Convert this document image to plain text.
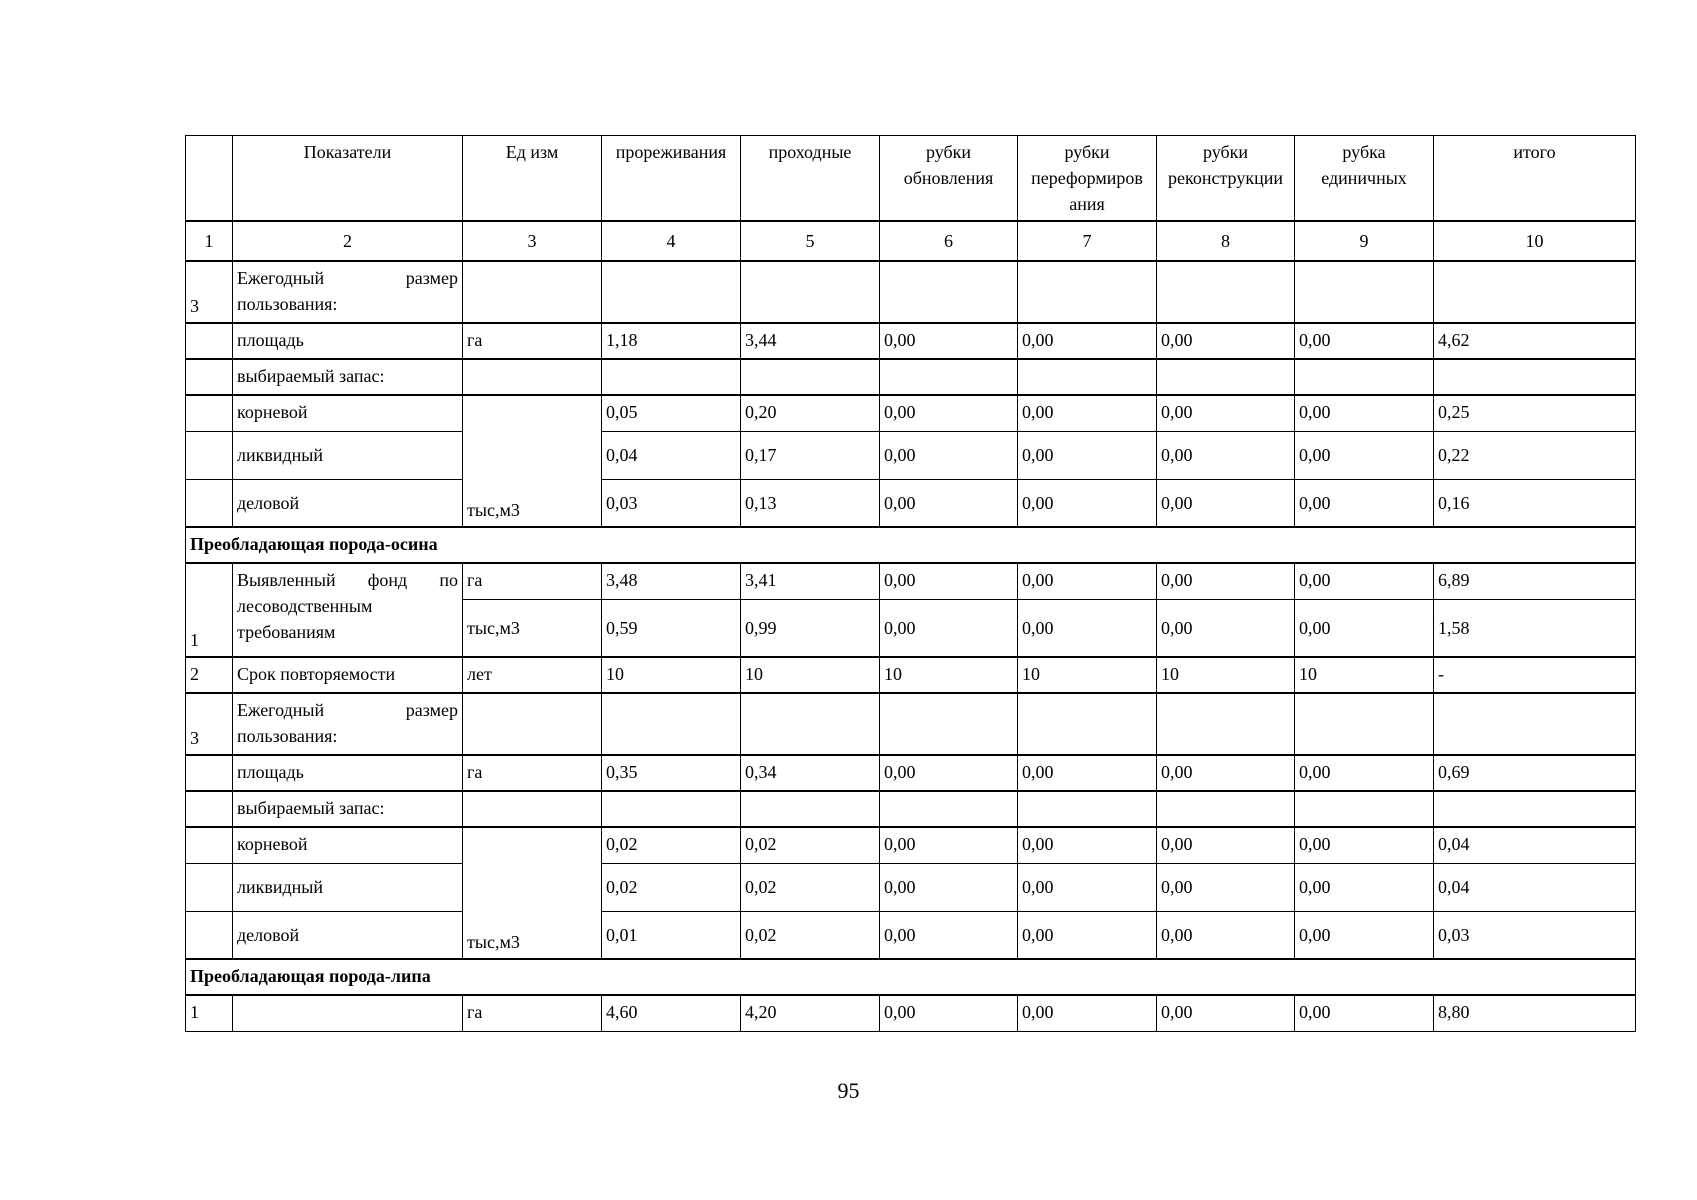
	Показатели	Ед изм	прореживания	проходные	рубки обновления	рубки переформиров ания	рубки реконструкции	рубка единичных	итого
1	2	3	4	5	6	7	8	9	10
3	Ежегодный размер
пользования:								
	площадь	га	1,18	3,44	0,00	0,00	0,00	0,00	4,62
	выбираемый запас:								
	корневой	тыс,м3	0,05	0,20	0,00	0,00	0,00	0,00	0,25
	ликвидный		0,04	0,17	0,00	0,00	0,00	0,00	0,22
	деловой		0,03	0,13	0,00	0,00	0,00	0,00	0,16
Преобладающая порода-осина									
1	Выявленный фонд по
лесоводственным требованиям	га	3,48	3,41	0,00	0,00	0,00	0,00	6,89
		тыс,м3	0,59	0,99	0,00	0,00	0,00	0,00	1,58
2	Срок повторяемости	лет	10	10	10	10	10	10	-
3	Ежегодный размер
пользования:								
	площадь	га	0,35	0,34	0,00	0,00	0,00	0,00	0,69
	выбираемый запас:								
	корневой	тыс,м3	0,02	0,02	0,00	0,00	0,00	0,00	0,04
	ликвидный		0,02	0,02	0,00	0,00	0,00	0,00	0,04
	деловой		0,01	0,02	0,00	0,00	0,00	0,00	0,03
Преобладающая порода-липа									
1		га	4,60	4,20	0,00	0,00	0,00	0,00	8,80
95
